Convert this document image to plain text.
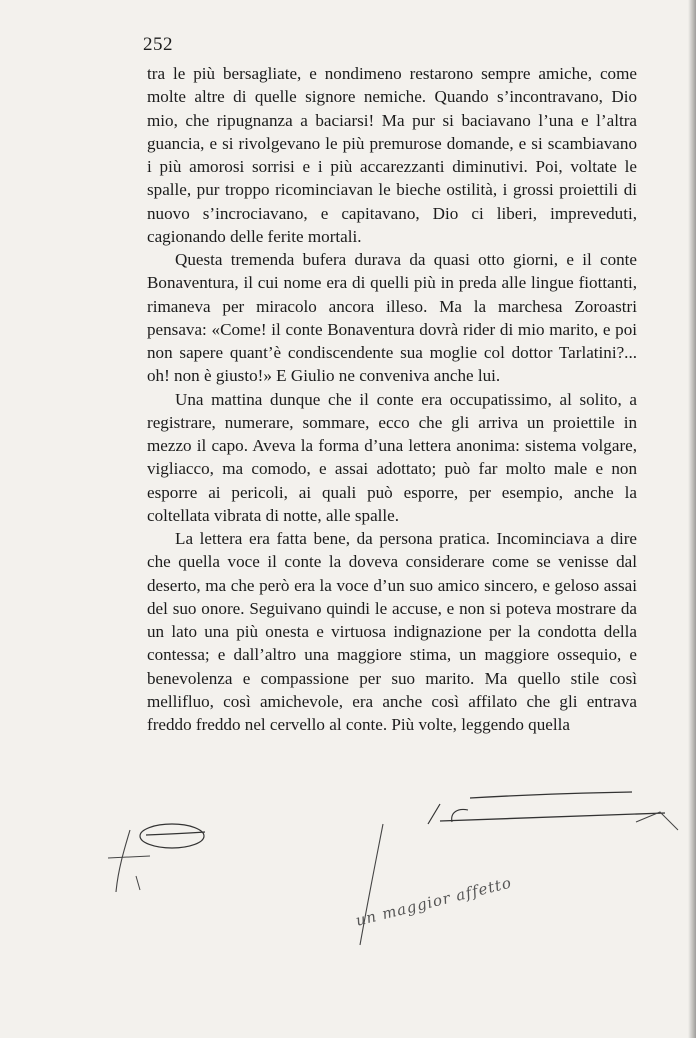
252

tra le più bersagliate, e nondimeno restarono sempre amiche, come molte altre di quelle signore nemiche. Quando s’incontravano, Dio mio, che ripugnanza a baciarsi! Ma pur si baciavano l’una e l’altra guancia, e si rivolgevano le più premurose domande, e si scambiavano i più amorosi sorrisi e i più accarezzanti diminutivi. Poi, voltate le spalle, pur troppo ricominciavan le bieche ostilità, i grossi proiettili di nuovo s’incrociavano, e capitavano, Dio ci liberi, impreveduti, cagionando delle ferite mortali.

Questa tremenda bufera durava da quasi otto giorni, e il conte Bonaventura, il cui nome era di quelli più in preda alle lingue fiottanti, rimaneva per miracolo ancora illeso. Ma la marchesa Zoroastri pensava: «Come! il conte Bonaventura dovrà rider di mio marito, e poi non sapere quant’è condiscendente sua moglie col dottor Tarlatini?... oh! non è giusto!» E Giulio ne conveniva anche lui.

Una mattina dunque che il conte era occupatissimo, al solito, a registrare, numerare, sommare, ecco che gli arriva un proiettile in mezzo il capo. Aveva la forma d’una lettera anonima: sistema volgare, vigliacco, ma comodo, e assai adottato; può far molto male e non esporre ai pericoli, ai quali può esporre, per esempio, anche la coltellata vibrata di notte, alle spalle.

La lettera era fatta bene, da persona pratica. Incominciava a dire che quella voce il conte la doveva considerare come se venisse dal deserto, ma che però era la voce d’un suo amico sincero, e geloso assai del suo onore. Seguivano quindi le accuse, e non si poteva mostrare da un lato una più onesta e virtuosa indignazione per la condotta della contessa; e dall’altro una maggiore stima, un maggiore ossequio, e benevolenza e compassione per suo marito. Ma quello stile così mellifluo, così amichevole, era anche così affilato che gli entrava freddo freddo nel cervello al conte. Più volte, leggendo quella

un maggior affetto
